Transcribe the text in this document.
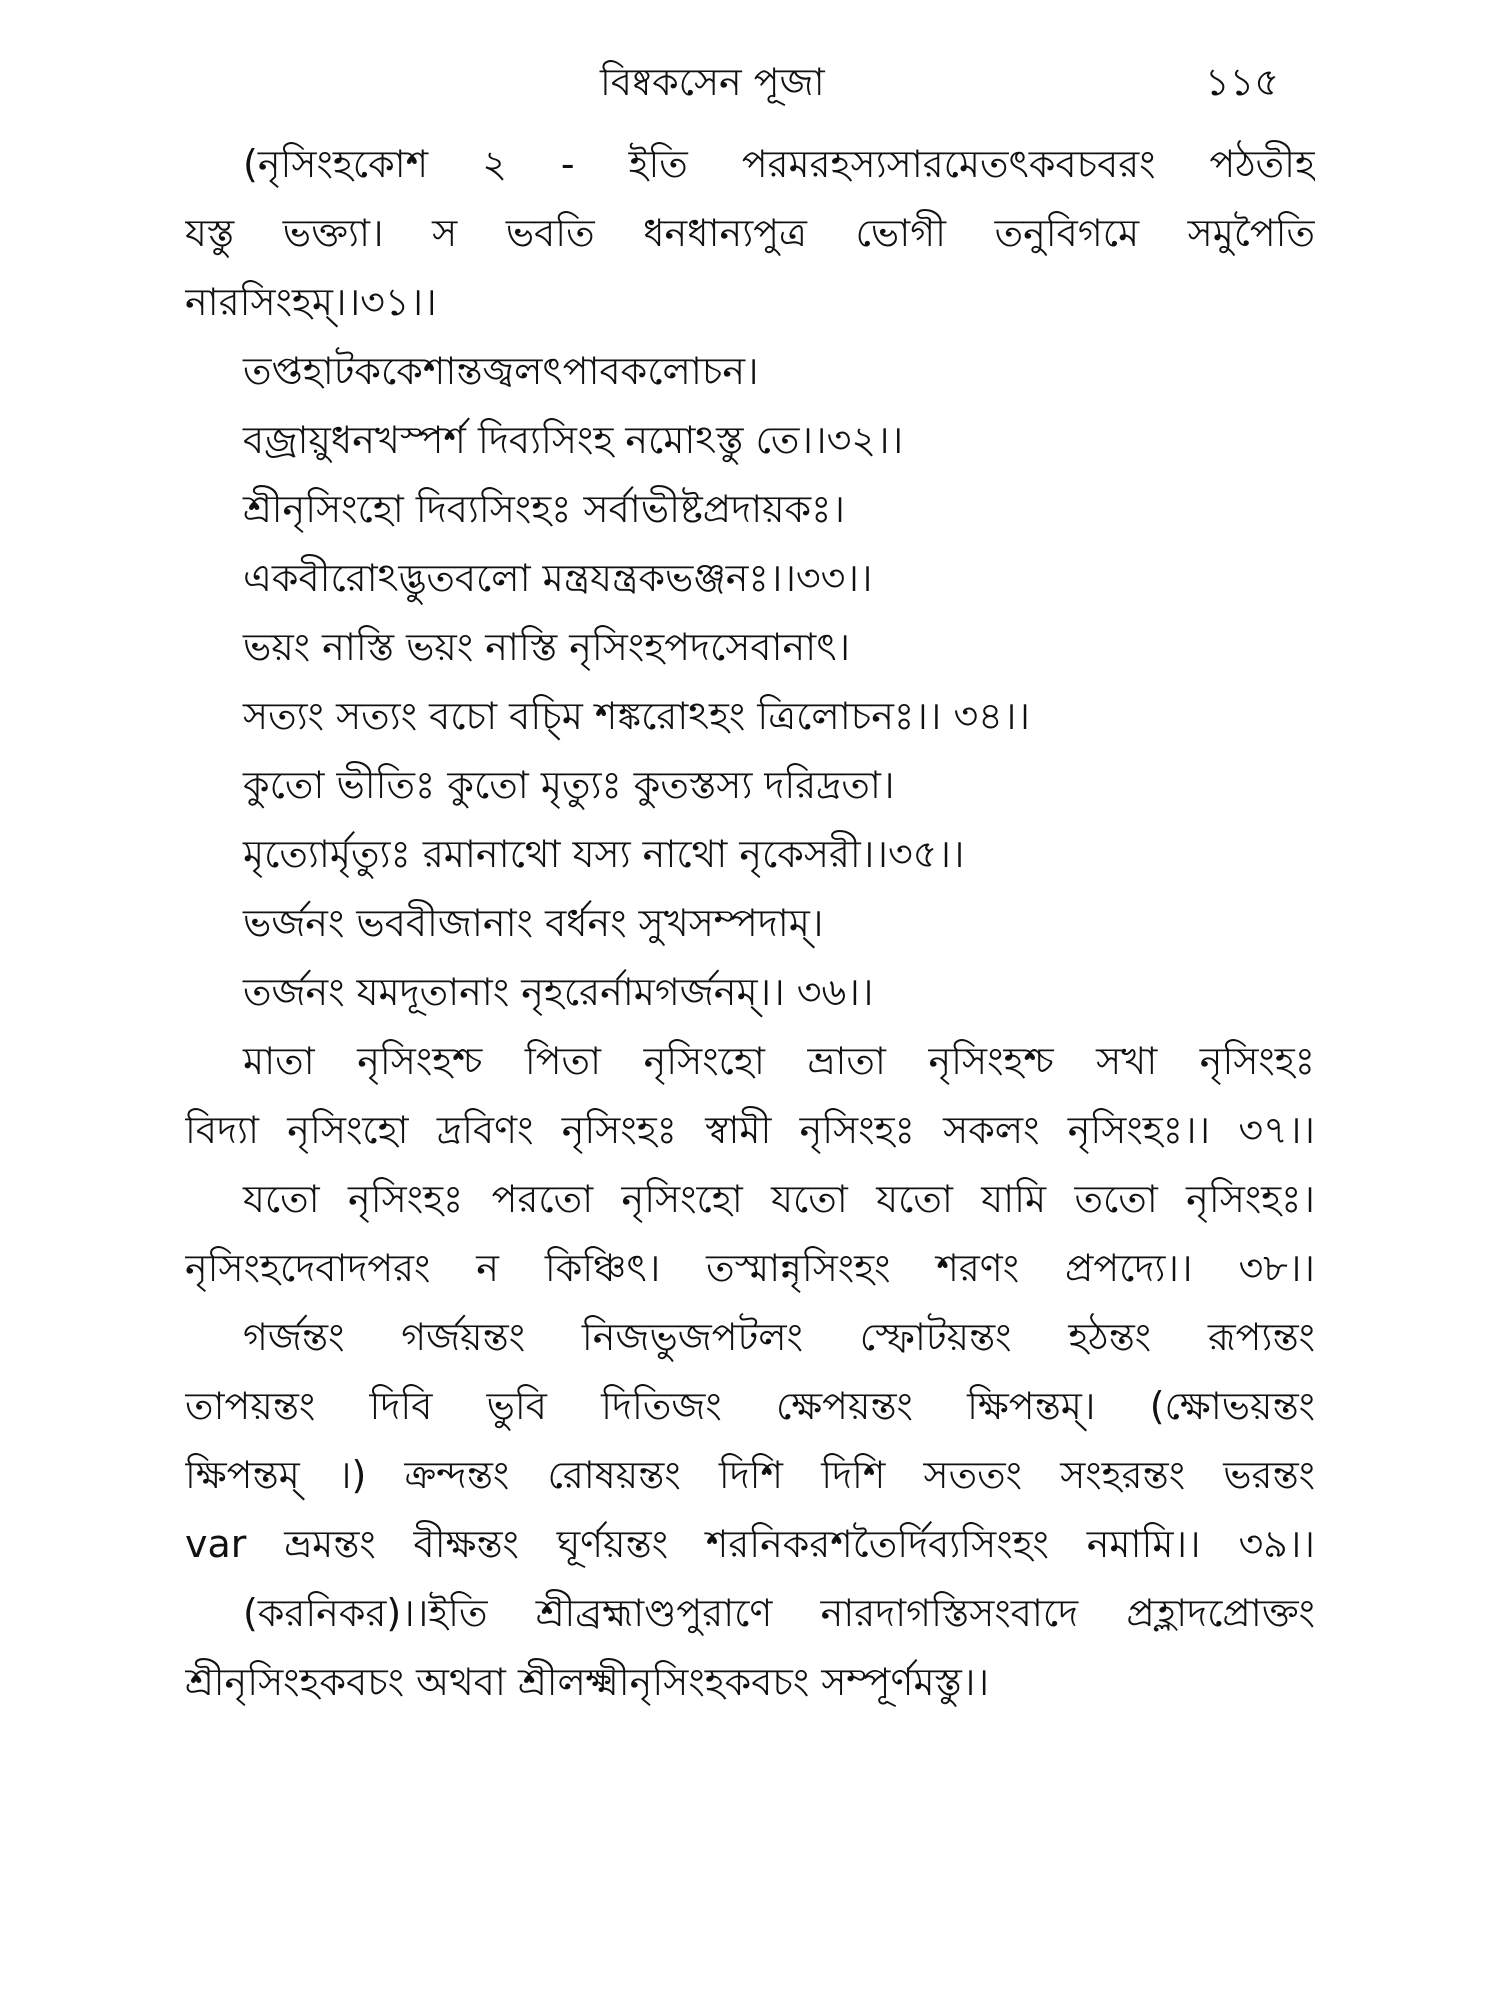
বিষ্বকসেন পূজা	১১৫
(নৃসিংহকোশ ২ - ইতি পরমরহস্যসারমেতৎকবচবরং পঠতীহ
যস্তু ভক্ত্যা। স ভবতি ধনধান্যপুত্র ভোগী তনুবিগমে সমুপৈতি
নারসিংহম্।।৩১।।
তপ্তহাটককেশান্তজ্বলৎপাবকলোচন।
বজ্রায়ুধনখস্পর্শ দিব্যসিংহ নমোঽস্তু তে।।৩২।।
শ্রীনৃসিংহো দিব্যসিংহঃ সর্বাভীষ্টপ্রদায়কঃ।
একবীরোঽদ্ভুতবলো মন্ত্রযন্ত্রকভঞ্জনঃ।।৩৩।।
ভয়ং নাস্তি ভয়ং নাস্তি নৃসিংহপদসেবানাৎ।
সত্যং সত্যং বচো বচ্মি শঙ্করোঽহং ত্রিলোচনঃ।। ৩৪।।
কুতো ভীতিঃ কুতো মৃত্যুঃ কুতস্তস্য দরিদ্রতা।
মৃত্যোর্মৃত্যুঃ রমানাথো যস্য নাথো নৃকেসরী।।৩৫।।
ভর্জনং ভববীজানাং বর্ধনং সুখসম্পদাম্।
তর্জনং যমদূতানাং নৃহরের্নামগর্জনম্।। ৩৬।।
মাতা নৃসিংহশ্চ পিতা নৃসিংহো ভ্রাতা নৃসিংহশ্চ সখা নৃসিংহঃ
বিদ্যা নৃসিংহো দ্রবিণং নৃসিংহঃ স্বামী নৃসিংহঃ সকলং নৃসিংহঃ।। ৩৭।।
যতো নৃসিংহঃ পরতো নৃসিংহো যতো যতো যামি ততো নৃসিংহঃ।
নৃসিংহদেবাদপরং ন কিঞ্চিৎ। তস্মান্নৃসিংহং শরণং প্রপদ্যে।। ৩৮।।
গর্জন্তং গর্জয়ন্তং নিজভুজপটলং স্ফোটয়ন্তং হঠন্তং রূপ্যন্তং
তাপয়ন্তং দিবি ভুবি দিতিজং ক্ষেপয়ন্তং ক্ষিপন্তম্। (ক্ষোভয়ন্তং
ক্ষিপন্তম্ ।) ক্রন্দন্তং রোষয়ন্তং দিশি দিশি সততং সংহরন্তং ভরন্তং
var ভ্রমন্তং বীক্ষন্তং ঘূর্ণয়ন্তং শরনিকরশতৈর্দিব্যসিংহং নমামি।। ৩৯।।
(করনিকর)।।ইতি শ্রীব্রহ্মাণ্ডপুরাণে নারদাগস্তিসংবাদে প্রহ্লাদপ্রোক্তং
শ্রীনৃসিংহকবচং অথবা শ্রীলক্ষ্মীনৃসিংহকবচং সম্পূর্ণমস্তু।।
